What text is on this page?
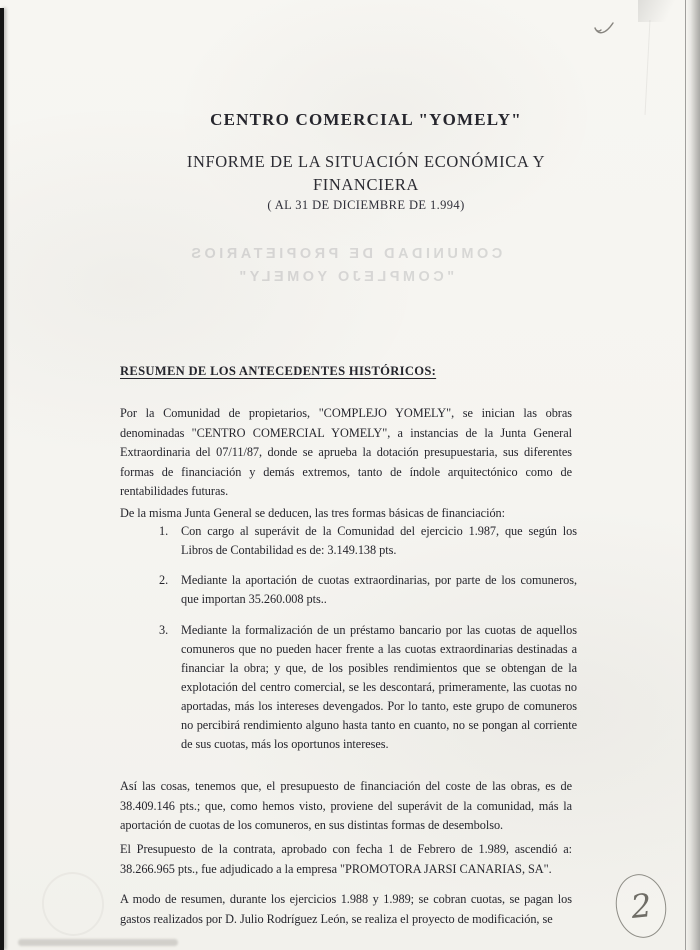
CENTRO COMERCIAL "YOMELY"
INFORME DE LA SITUACIÓN ECONÓMICA Y
FINANCIERA
( AL 31 DE DICIEMBRE DE 1.994)
COMUNIDAD DE PROPIETARIOS
"COMPLEJO YOMELY"
RESUMEN DE LOS ANTECEDENTES HISTÓRICOS:

Por la Comunidad de propietarios, "COMPLEJO YOMELY", se inician las obras denominadas "CENTRO COMERCIAL YOMELY", a instancias de la Junta General Extraordinaria del 07/11/87, donde se aprueba la dotación presupuestaria, sus diferentes formas de financiación y demás extremos, tanto de índole arquitectónico como de rentabilidades futuras.

De la misma Junta General se deducen, las tres formas básicas de financiación:

1. Con cargo al superávit de la Comunidad del ejercicio 1.987, que según los Libros de Contabilidad es de: 3.149.138 pts.
2. Mediante la aportación de cuotas extraordinarias, por parte de los comuneros, que importan 35.260.008 pts..
3. Mediante la formalización de un préstamo bancario por las cuotas de aquellos comuneros que no pueden hacer frente a las cuotas extraordinarias destinadas a financiar la obra; y que, de los posibles rendimientos que se obtengan de la explotación del centro comercial, se les descontará, primeramente, las cuotas no aportadas, más los intereses devengados. Por lo tanto, este grupo de comuneros no percibirá rendimiento alguno hasta tanto en cuanto, no se pongan al corriente de sus cuotas, más los oportunos intereses.

Así las cosas, tenemos que, el presupuesto de financiación del coste de las obras, es de 38.409.146 pts.; que, como hemos visto, proviene del superávit de la comunidad, más la aportación de cuotas de los comuneros, en sus distintas formas de desembolso.

El Presupuesto de la contrata, aprobado con fecha 1 de Febrero de 1.989, ascendió a: 38.266.965 pts., fue adjudicado a la empresa "PROMOTORA JARSI CANARIAS, SA".

A modo de resumen, durante los ejercicios 1.988 y 1.989; se cobran cuotas, se pagan los gastos realizados por D. Julio Rodríguez León, se realiza el proyecto de modificación, se	2
